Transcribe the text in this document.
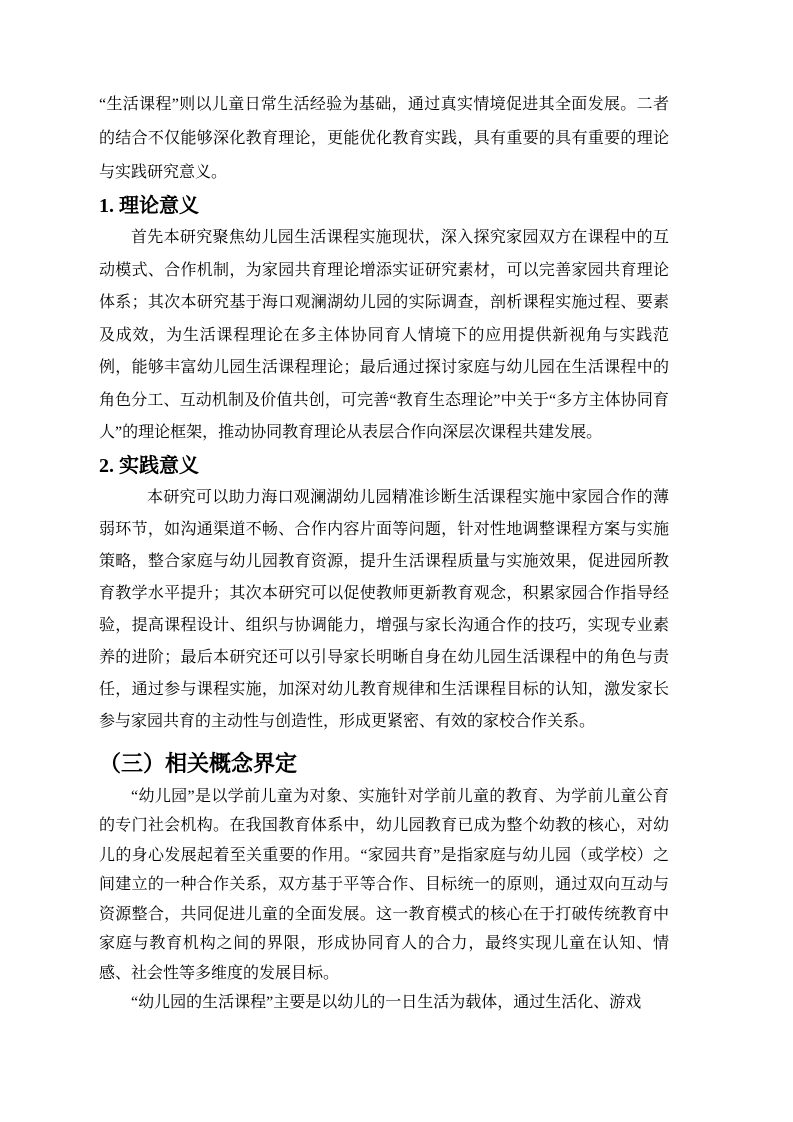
“生活课程”则以儿童日常生活经验为基础，通过真实情境促进其全面发展。二者的结合不仅能够深化教育理论，更能优化教育实践，具有重要的具有重要的理论与实践研究意义。

1. 理论意义

首先本研究聚焦幼儿园生活课程实施现状，深入探究家园双方在课程中的互动模式、合作机制，为家园共育理论增添实证研究素材，可以完善家园共育理论体系；其次本研究基于海口观澜湖幼儿园的实际调查，剖析课程实施过程、要素及成效，为生活课程理论在多主体协同育人情境下的应用提供新视角与实践范例，能够丰富幼儿园生活课程理论；最后通过探讨家庭与幼儿园在生活课程中的角色分工、互动机制及价值共创，可完善“教育生态理论”中关于“多方主体协同育人”的理论框架，推动协同教育理论从表层合作向深层次课程共建发展。

2. 实践意义

本研究可以助力海口观澜湖幼儿园精准诊断生活课程实施中家园合作的薄弱环节，如沟通渠道不畅、合作内容片面等问题，针对性地调整课程方案与实施策略，整合家庭与幼儿园教育资源，提升生活课程质量与实施效果，促进园所教育教学水平提升；其次本研究可以促使教师更新教育观念，积累家园合作指导经验，提高课程设计、组织与协调能力，增强与家长沟通合作的技巧，实现专业素养的进阶；最后本研究还可以引导家长明晰自身在幼儿园生活课程中的角色与责任，通过参与课程实施，加深对幼儿教育规律和生活课程目标的认知，激发家长参与家园共育的主动性与创造性，形成更紧密、有效的家校合作关系。

（三）相关概念界定

“幼儿园”是以学前儿童为对象、实施针对学前儿童的教育、为学前儿童公育的专门社会机构。在我国教育体系中，幼儿园教育已成为整个幼教的核心，对幼儿的身心发展起着至关重要的作用。“家园共育”是指家庭与幼儿园（或学校）之间建立的一种合作关系，双方基于平等合作、目标统一的原则，通过双向互动与资源整合，共同促进儿童的全面发展。这一教育模式的核心在于打破传统教育中家庭与教育机构之间的界限，形成协同育人的合力，最终实现儿童在认知、情感、社会性等多维度的发展目标。

“幼儿园的生活课程”主要是以幼儿的一日生活为载体，通过生活化、游戏
